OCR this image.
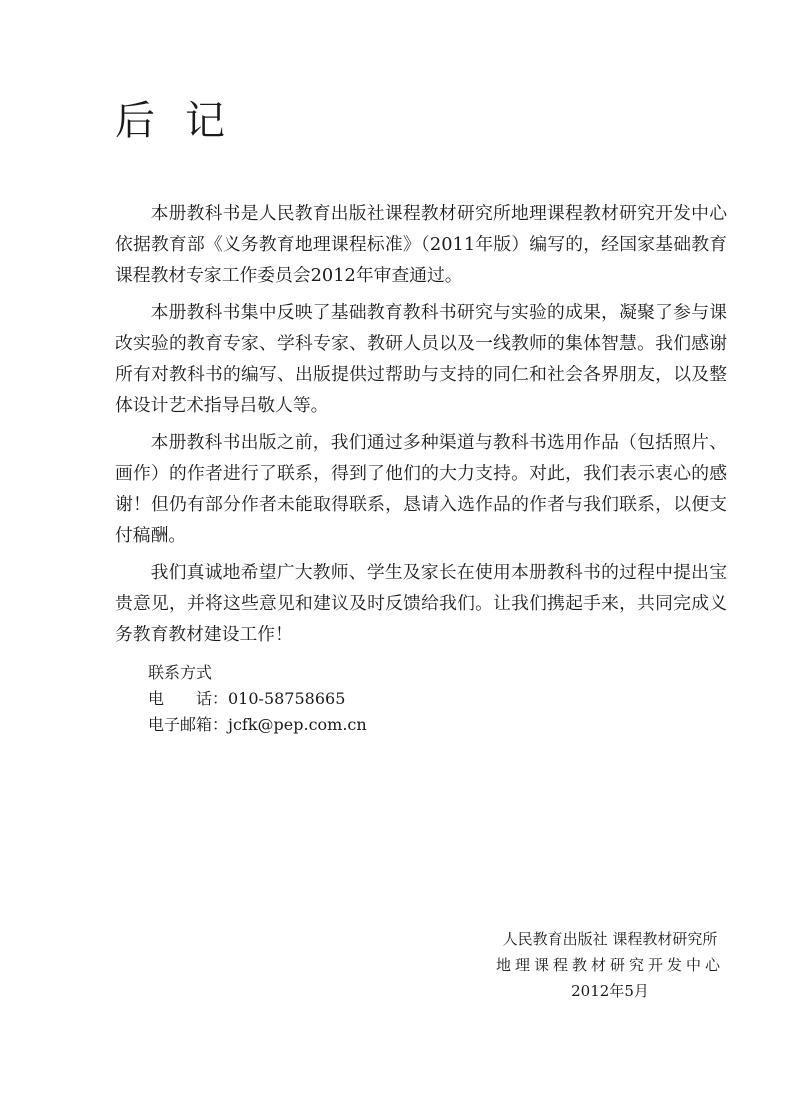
后记

本册教科书是人民教育出版社课程教材研究所地理课程教材研究开发中心依据教育部《义务教育地理课程标准》（2011年版）编写的，经国家基础教育课程教材专家工作委员会2012年审查通过。

本册教科书集中反映了基础教育教科书研究与实验的成果，凝聚了参与课改实验的教育专家、学科专家、教研人员以及一线教师的集体智慧。我们感谢所有对教科书的编写、出版提供过帮助与支持的同仁和社会各界朋友，以及整体设计艺术指导吕敬人等。

本册教科书出版之前，我们通过多种渠道与教科书选用作品（包括照片、画作）的作者进行了联系，得到了他们的大力支持。对此，我们表示衷心的感谢！但仍有部分作者未能取得联系，恳请入选作品的作者与我们联系，以便支付稿酬。

我们真诚地希望广大教师、学生及家长在使用本册教科书的过程中提出宝贵意见，并将这些意见和建议及时反馈给我们。让我们携起手来，共同完成义务教育教材建设工作！

联系方式
电　　话：010-58758665
电子邮箱：jcfk@pep.com.cn
人民教育出版社 课程教材研究所
地理课程教材研究开发中心
2012年5月
